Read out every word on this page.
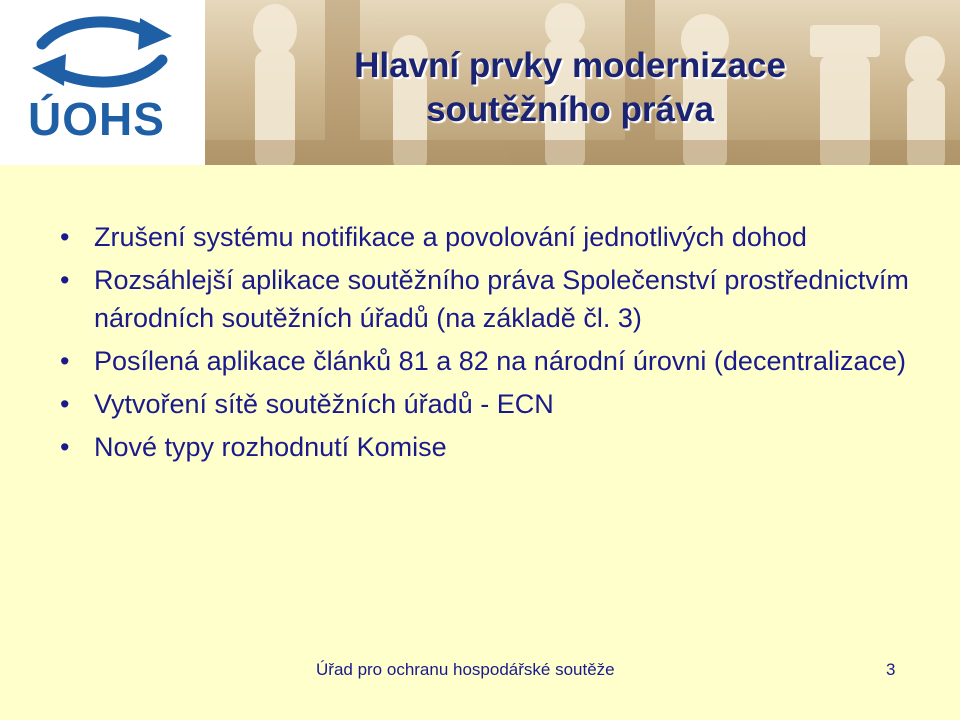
ÚOHS
Hlavní prvky modernizace
soutěžního práva
• Zrušení systému notifikace a povolování jednotlivých dohod
• Rozsáhlejší aplikace soutěžního práva Společenství prostřednictvím národních soutěžních úřadů (na základě čl. 3)
• Posílená aplikace článků 81 a 82 na národní úrovni (decentralizace)
• Vytvoření sítě soutěžních úřadů - ECN
• Nové typy rozhodnutí Komise
Úřad pro ochranu hospodářské soutěže	3
